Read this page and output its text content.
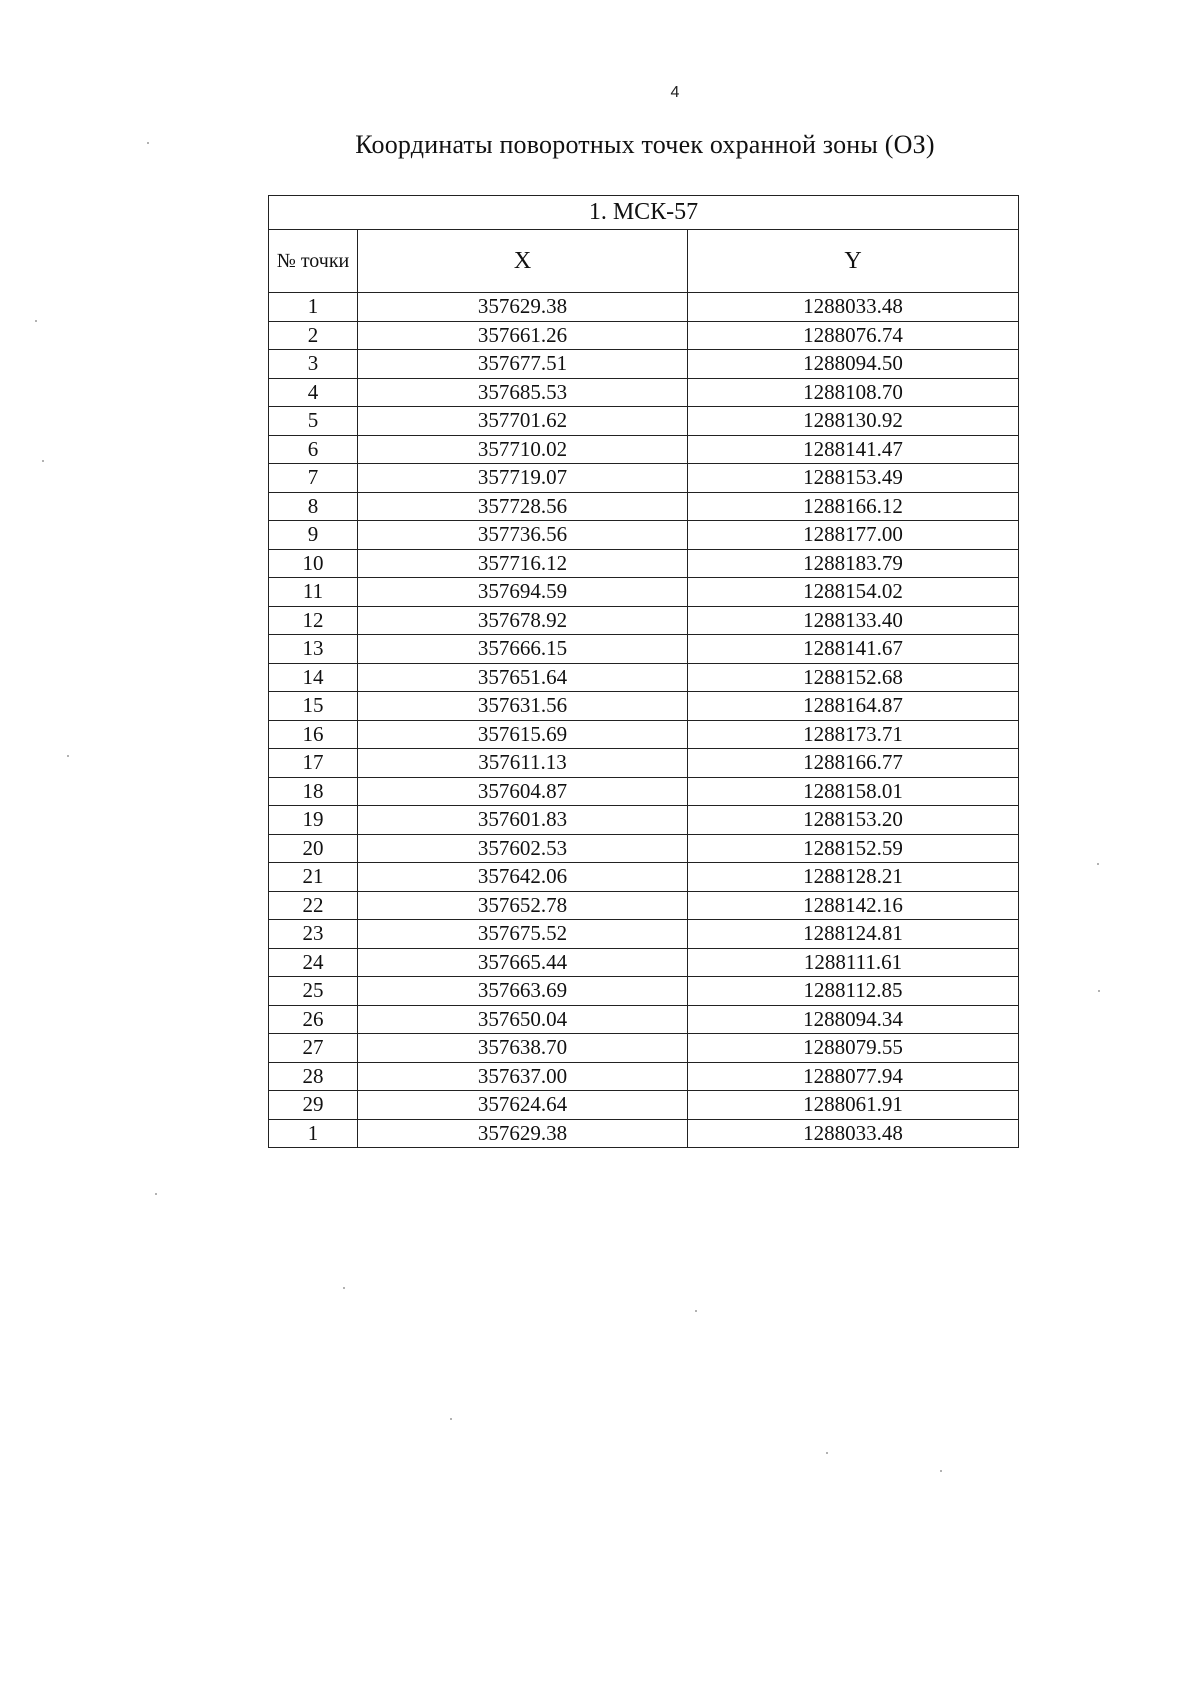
4
Координаты поворотных точек охранной зоны (ОЗ)
1. МСК-57		
№ точки	X	Y
1	357629.38	1288033.48
2	357661.26	1288076.74
3	357677.51	1288094.50
4	357685.53	1288108.70
5	357701.62	1288130.92
6	357710.02	1288141.47
7	357719.07	1288153.49
8	357728.56	1288166.12
9	357736.56	1288177.00
10	357716.12	1288183.79
11	357694.59	1288154.02
12	357678.92	1288133.40
13	357666.15	1288141.67
14	357651.64	1288152.68
15	357631.56	1288164.87
16	357615.69	1288173.71
17	357611.13	1288166.77
18	357604.87	1288158.01
19	357601.83	1288153.20
20	357602.53	1288152.59
21	357642.06	1288128.21
22	357652.78	1288142.16
23	357675.52	1288124.81
24	357665.44	1288111.61
25	357663.69	1288112.85
26	357650.04	1288094.34
27	357638.70	1288079.55
28	357637.00	1288077.94
29	357624.64	1288061.91
1	357629.38	1288033.48
